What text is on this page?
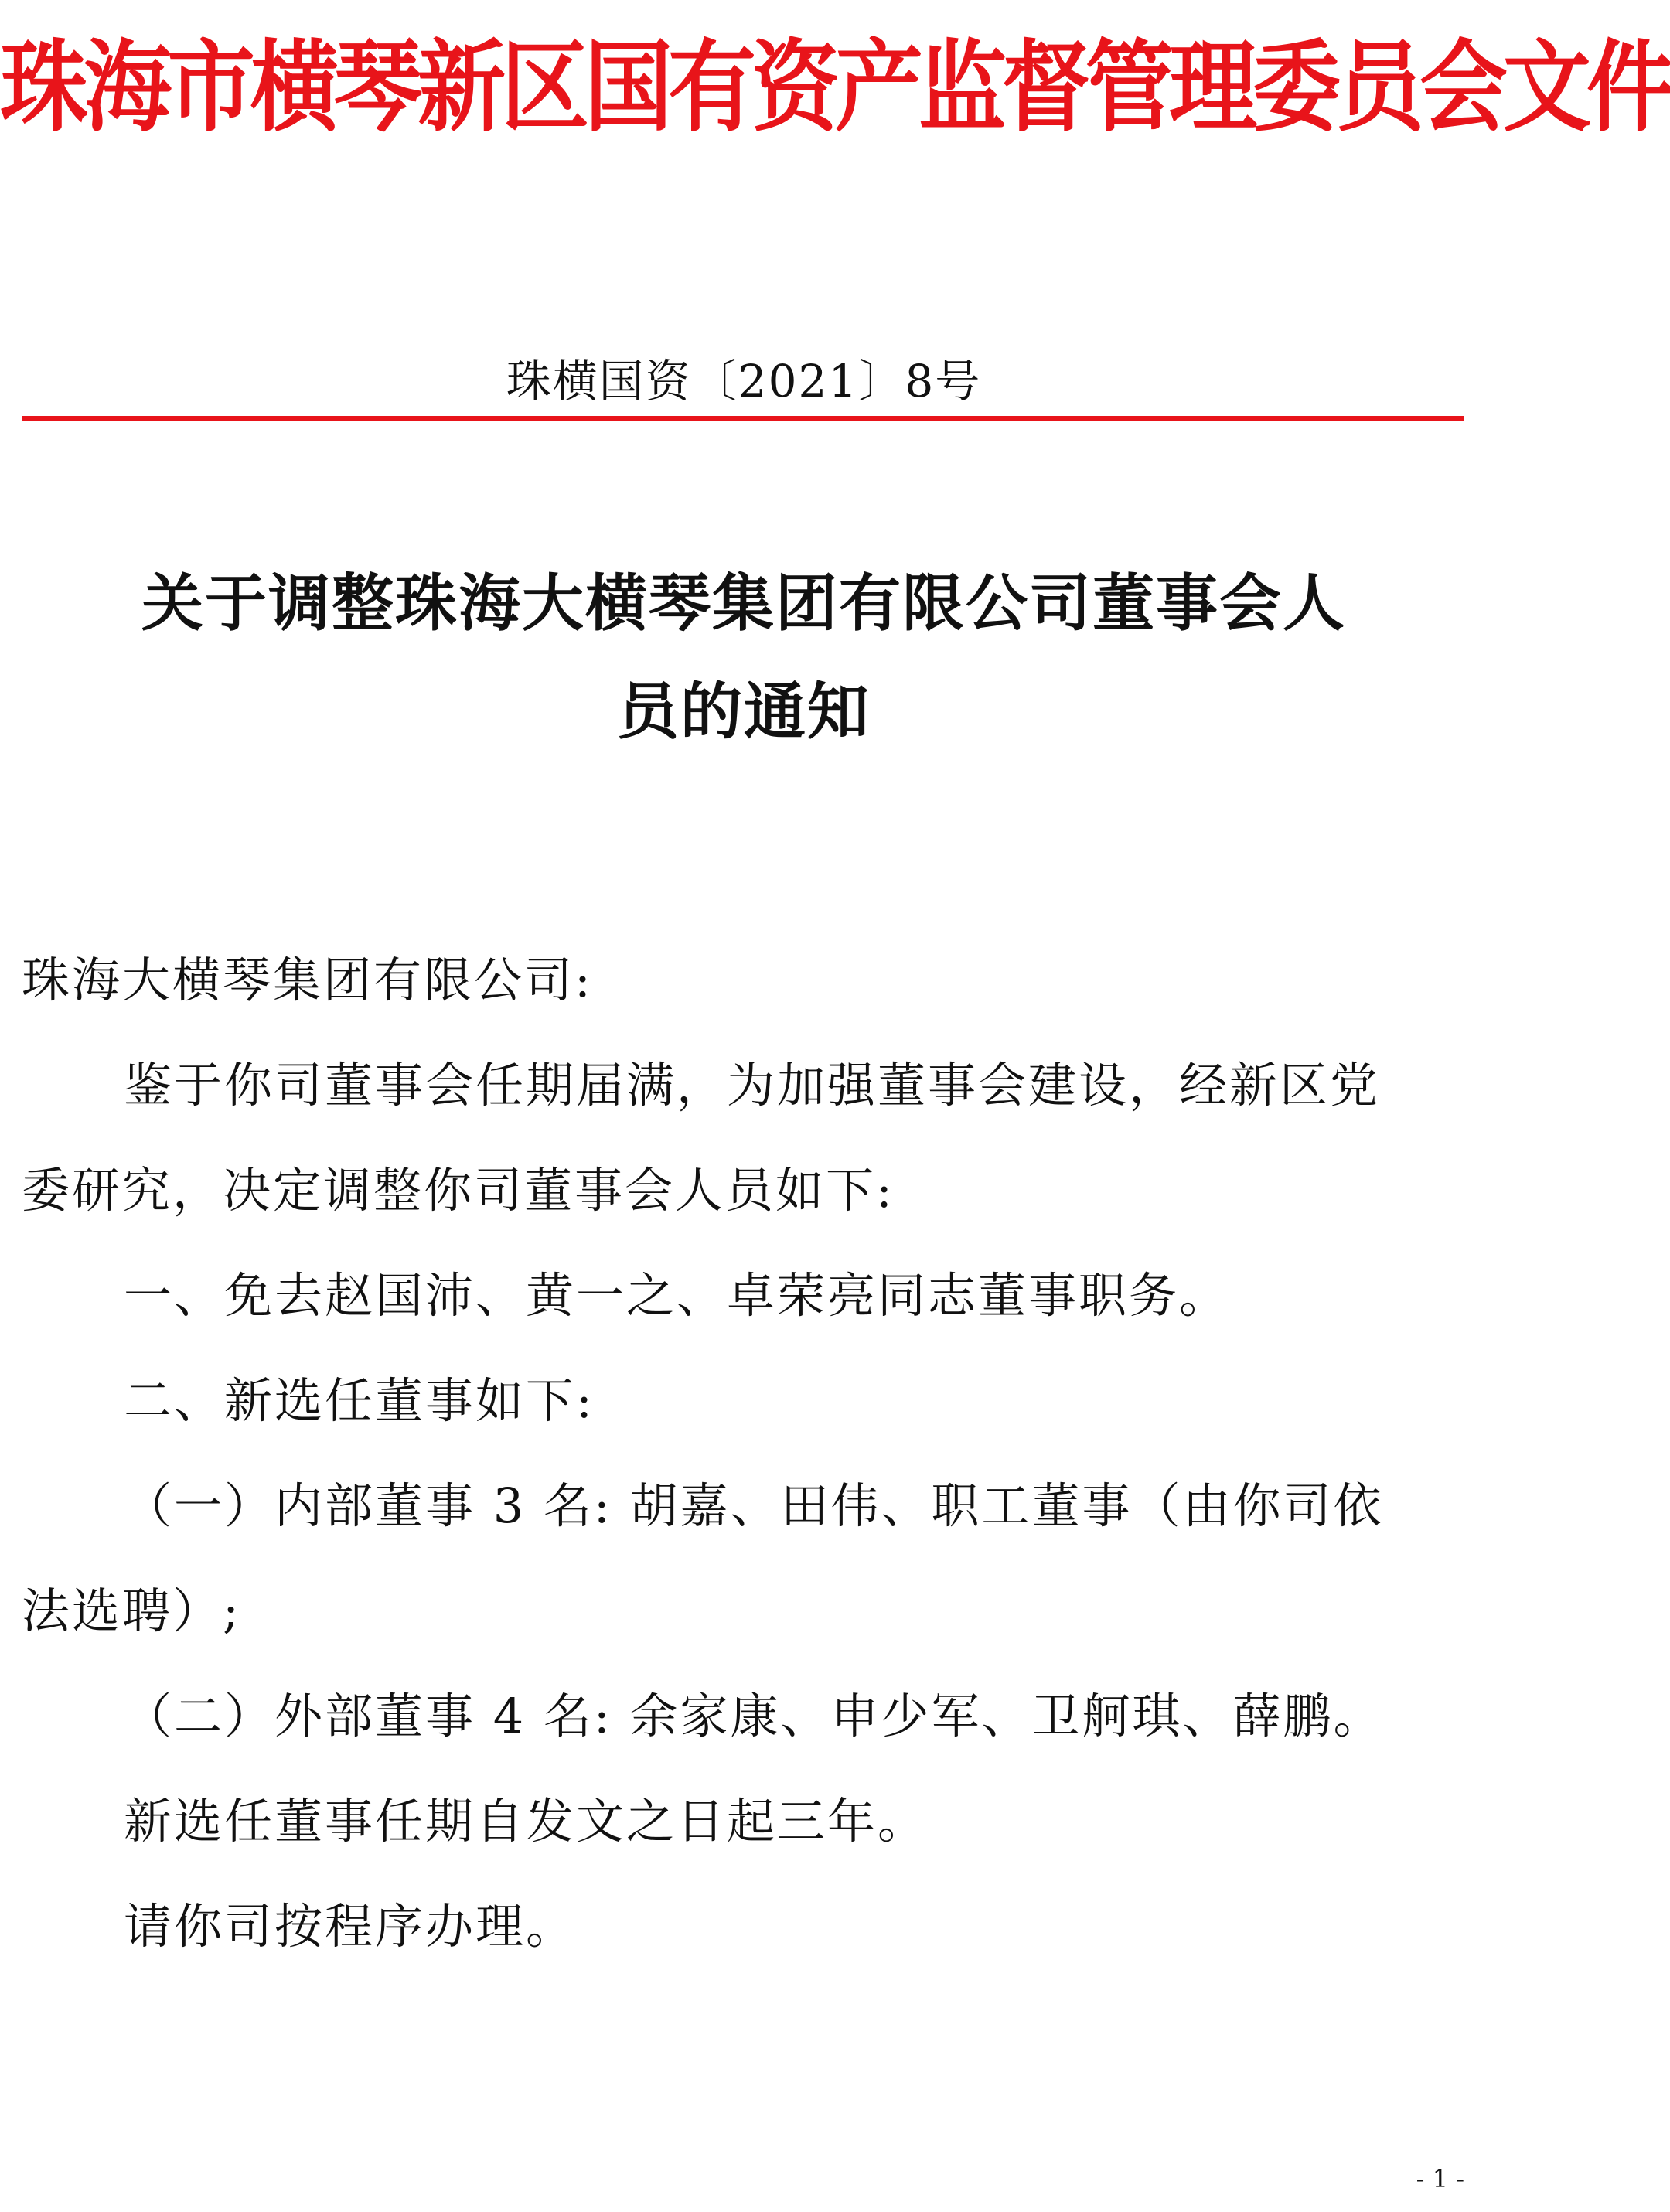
珠海市横琴新区国有资产监督管理委员会文件
珠横国资〔2021〕8号
关于调整珠海大横琴集团有限公司董事会人
员的通知

珠海大横琴集团有限公司:

鉴于你司董事会任期届满，为加强董事会建设，经新区党

委研究，决定调整你司董事会人员如下:

一、免去赵国沛、黄一之、卓荣亮同志董事职务。

二、新选任董事如下:

（一）内部董事 3 名: 胡嘉、田伟、职工董事（由你司依

法选聘）;

（二）外部董事 4 名: 余家康、申少军、卫舸琪、薛鹏。

新选任董事任期自发文之日起三年。

请你司按程序办理。

- 1 -
